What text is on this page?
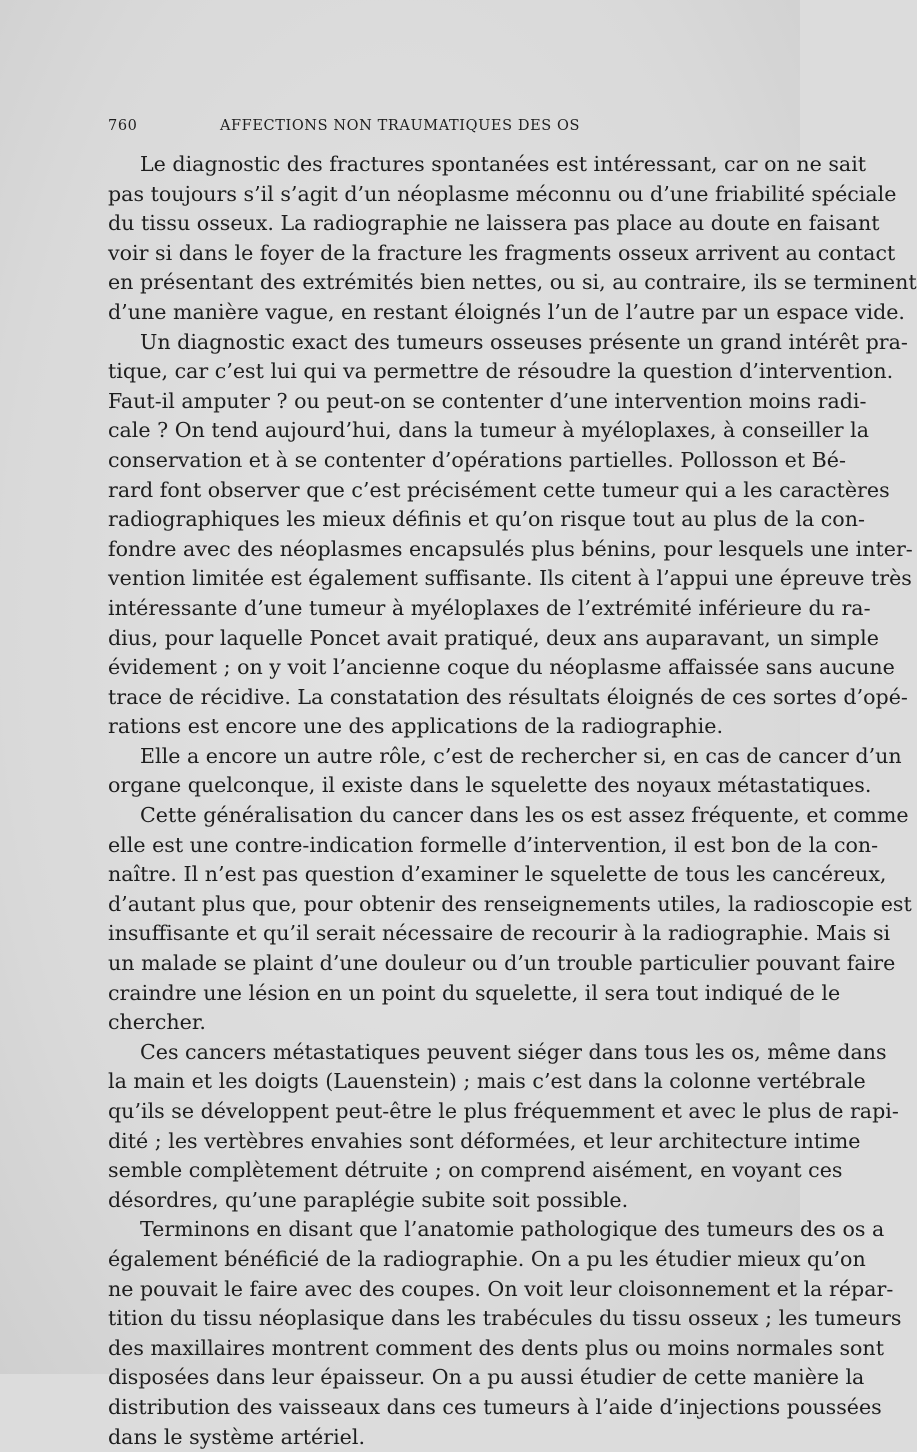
760	AFFECTIONS NON TRAUMATIQUES DES OS
Le diagnostic des fractures spontanées est intéressant, car on ne sait
pas toujours s’il s’agit d’un néoplasme méconnu ou d’une friabilité spéciale
du tissu osseux. La radiographie ne laissera pas place au doute en faisant
voir si dans le foyer de la fracture les fragments osseux arrivent au contact
en présentant des extrémités bien nettes, ou si, au contraire, ils se terminent
d’une manière vague, en restant éloignés l’un de l’autre par un espace vide.
Un diagnostic exact des tumeurs osseuses présente un grand intérêt pra-
tique, car c’est lui qui va permettre de résoudre la question d’intervention.
Faut-il amputer ? ou peut-on se contenter d’une intervention moins radi-
cale ? On tend aujourd’hui, dans la tumeur à myéloplaxes, à conseiller la
conservation et à se contenter d’opérations partielles. Pollosson et Bé-
rard font observer que c’est précisément cette tumeur qui a les caractères
radiographiques les mieux définis et qu’on risque tout au plus de la con-
fondre avec des néoplasmes encapsulés plus bénins, pour lesquels une inter-
vention limitée est également suffisante. Ils citent à l’appui une épreuve très
intéressante d’une tumeur à myéloplaxes de l’extrémité inférieure du ra-
dius, pour laquelle Poncet avait pratiqué, deux ans auparavant, un simple
évidement ; on y voit l’ancienne coque du néoplasme affaissée sans aucune
trace de récidive. La constatation des résultats éloignés de ces sortes d’opé-
rations est encore une des applications de la radiographie.
Elle a encore un autre rôle, c’est de rechercher si, en cas de cancer d’un
organe quelconque, il existe dans le squelette des noyaux métastatiques.
Cette généralisation du cancer dans les os est assez fréquente, et comme
elle est une contre-indication formelle d’intervention, il est bon de la con-
naître. Il n’est pas question d’examiner le squelette de tous les cancéreux,
d’autant plus que, pour obtenir des renseignements utiles, la radioscopie est
insuffisante et qu’il serait nécessaire de recourir à la radiographie. Mais si
un malade se plaint d’une douleur ou d’un trouble particulier pouvant faire
craindre une lésion en un point du squelette, il sera tout indiqué de le
chercher.
Ces cancers métastatiques peuvent siéger dans tous les os, même dans
la main et les doigts (Lauenstein) ; mais c’est dans la colonne vertébrale
qu’ils se développent peut-être le plus fréquemment et avec le plus de rapi-
dité ; les vertèbres envahies sont déformées, et leur architecture intime
semble complètement détruite ; on comprend aisément, en voyant ces
désordres, qu’une paraplégie subite soit possible.
Terminons en disant que l’anatomie pathologique des tumeurs des os a
également bénéficié de la radiographie. On a pu les étudier mieux qu’on
ne pouvait le faire avec des coupes. On voit leur cloisonnement et la répar-
tition du tissu néoplasique dans les trabécules du tissu osseux ; les tumeurs
des maxillaires montrent comment des dents plus ou moins normales sont
disposées dans leur épaisseur. On a pu aussi étudier de cette manière la
distribution des vaisseaux dans ces tumeurs à l’aide d’injections poussées
dans le système artériel.
